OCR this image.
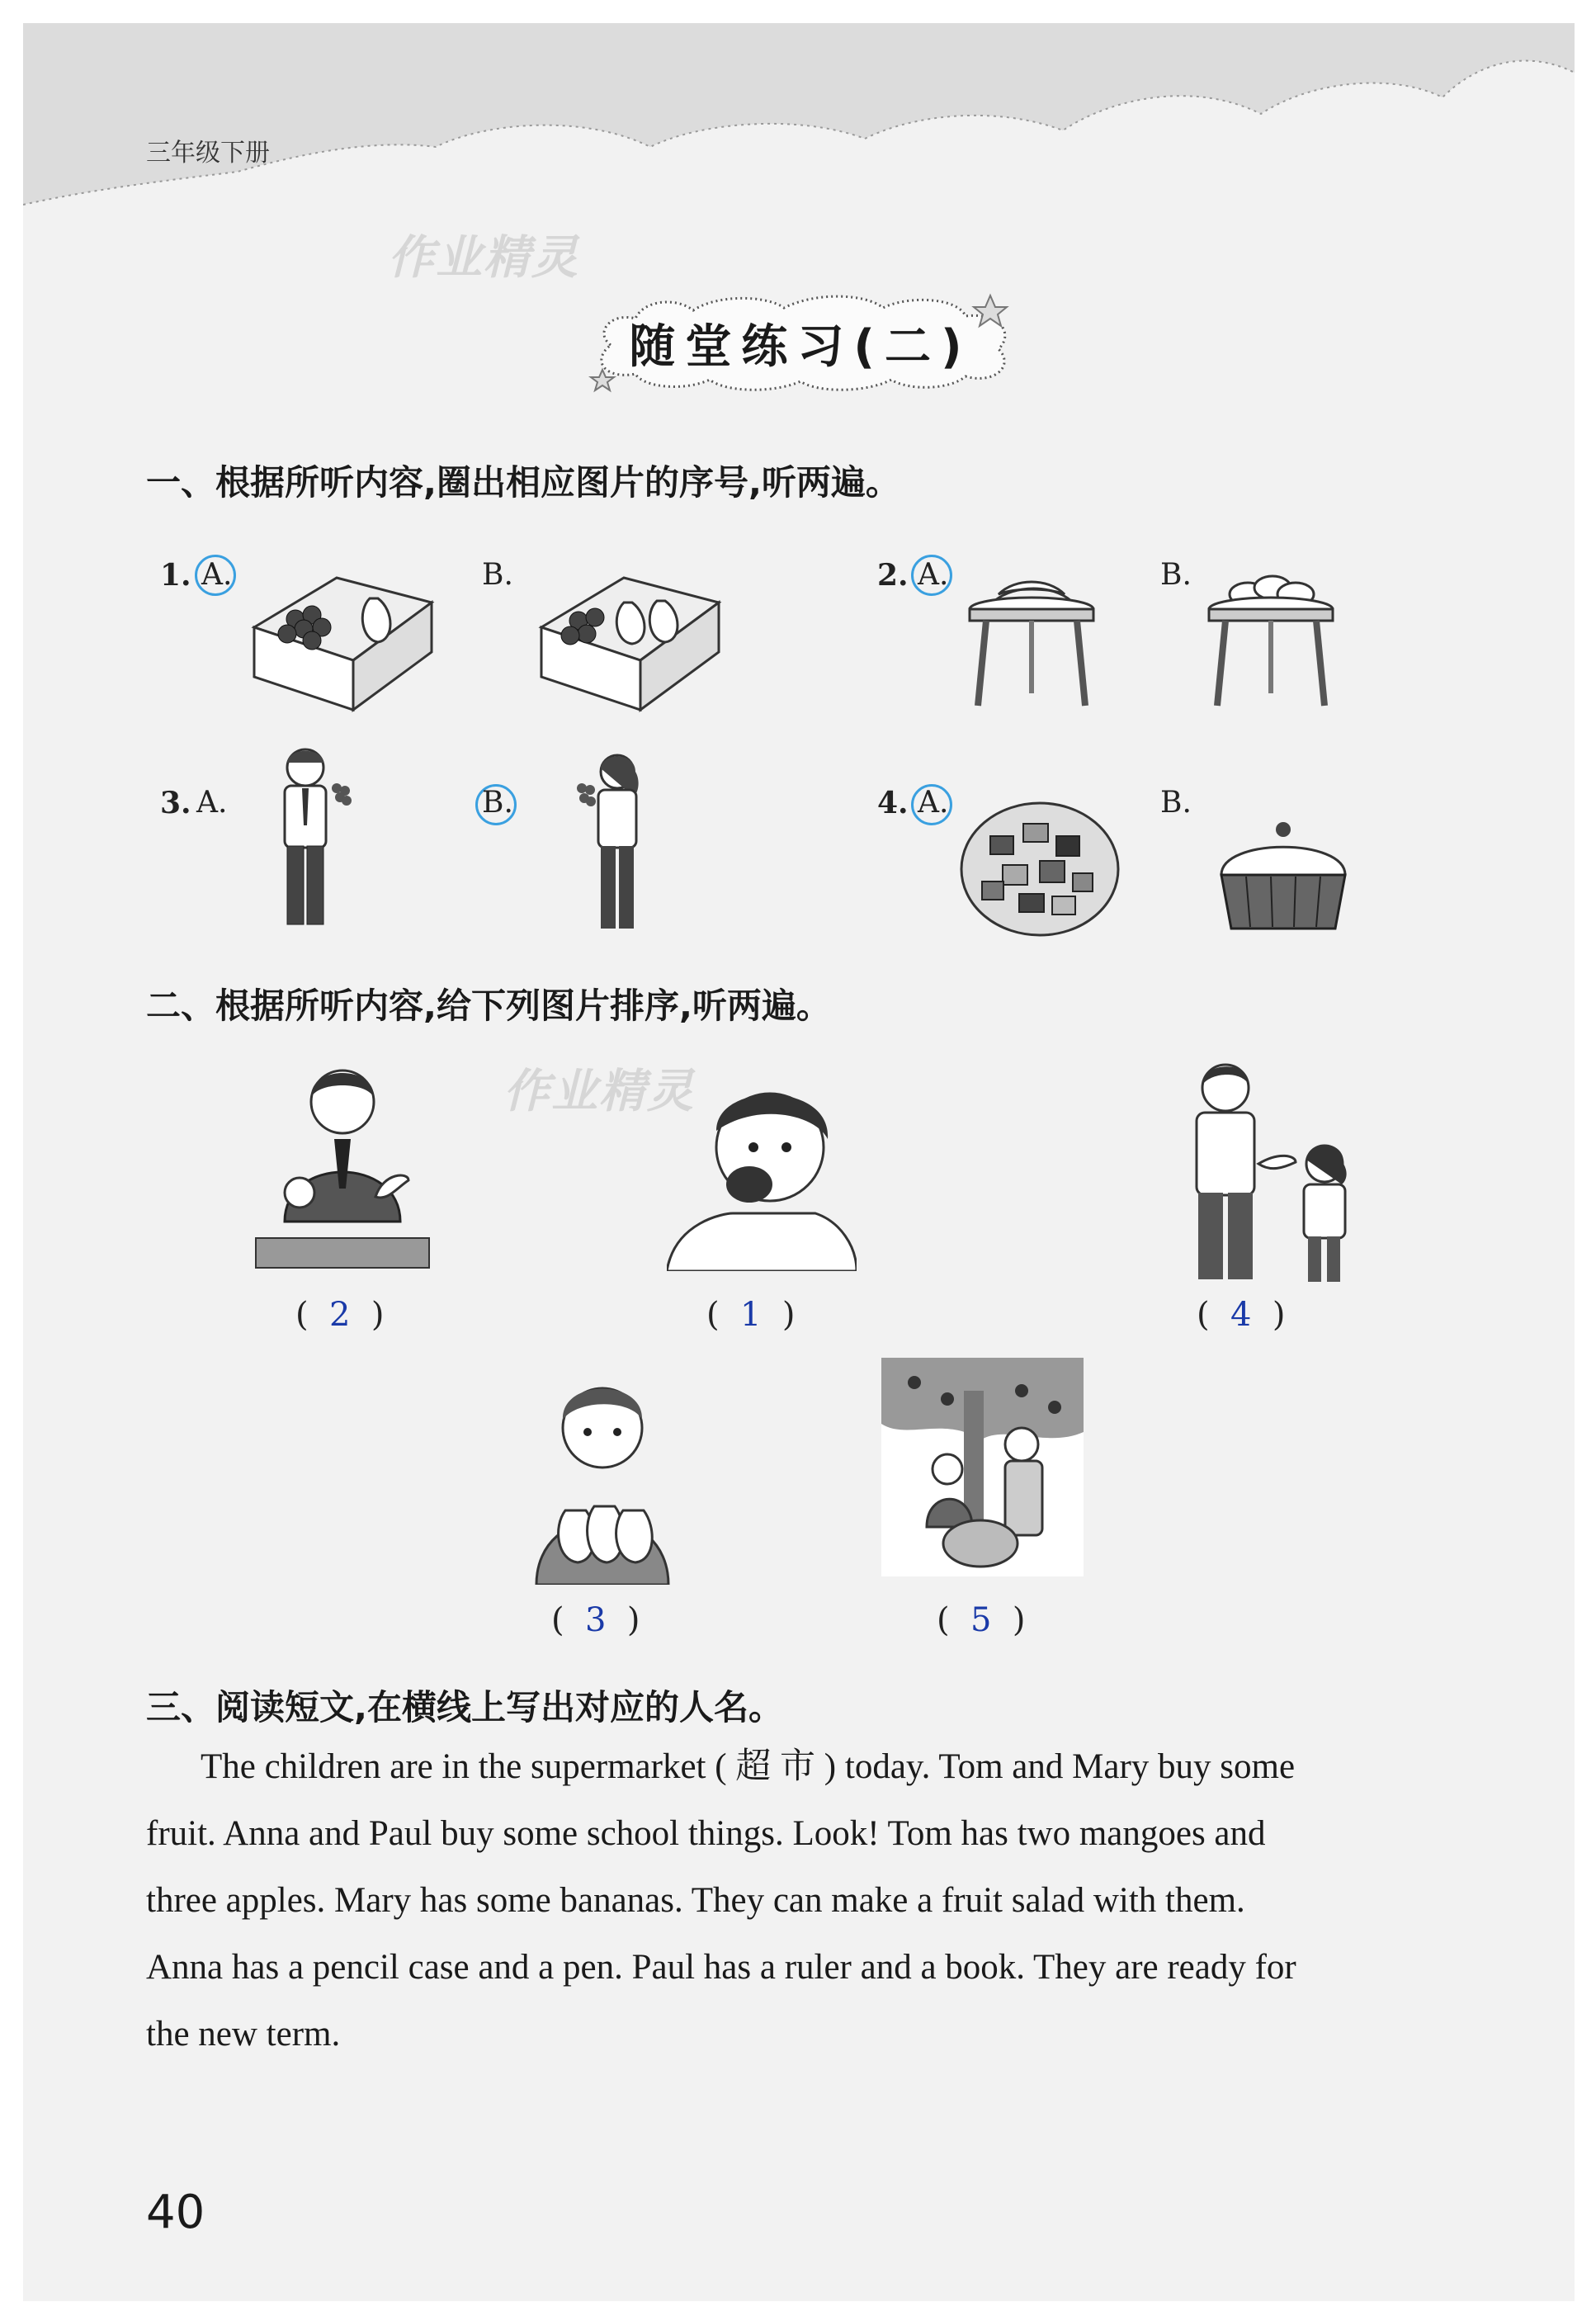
三年级下册
作业精灵
作业精灵
随堂练习(二)
一、根据所听内容,圈出相应图片的序号,听两遍。
1. A.	B.	2. A.	B.
3. A.	B.	4. A.	B.
二、根据所听内容,给下列图片排序,听两遍。
(  2  )	(  1  )	(  4  )
(  3  )	(  5  )
三、阅读短文,在横线上写出对应的人名。
The children are in the supermarket ( 超 市 ) today. Tom and Mary buy some
fruit. Anna and Paul buy some school things. Look! Tom has two mangoes and
three apples. Mary has some bananas. They can make a fruit salad with them.
Anna has a pencil case and a pen. Paul has a ruler and a book. They are ready for
the new term.
40
